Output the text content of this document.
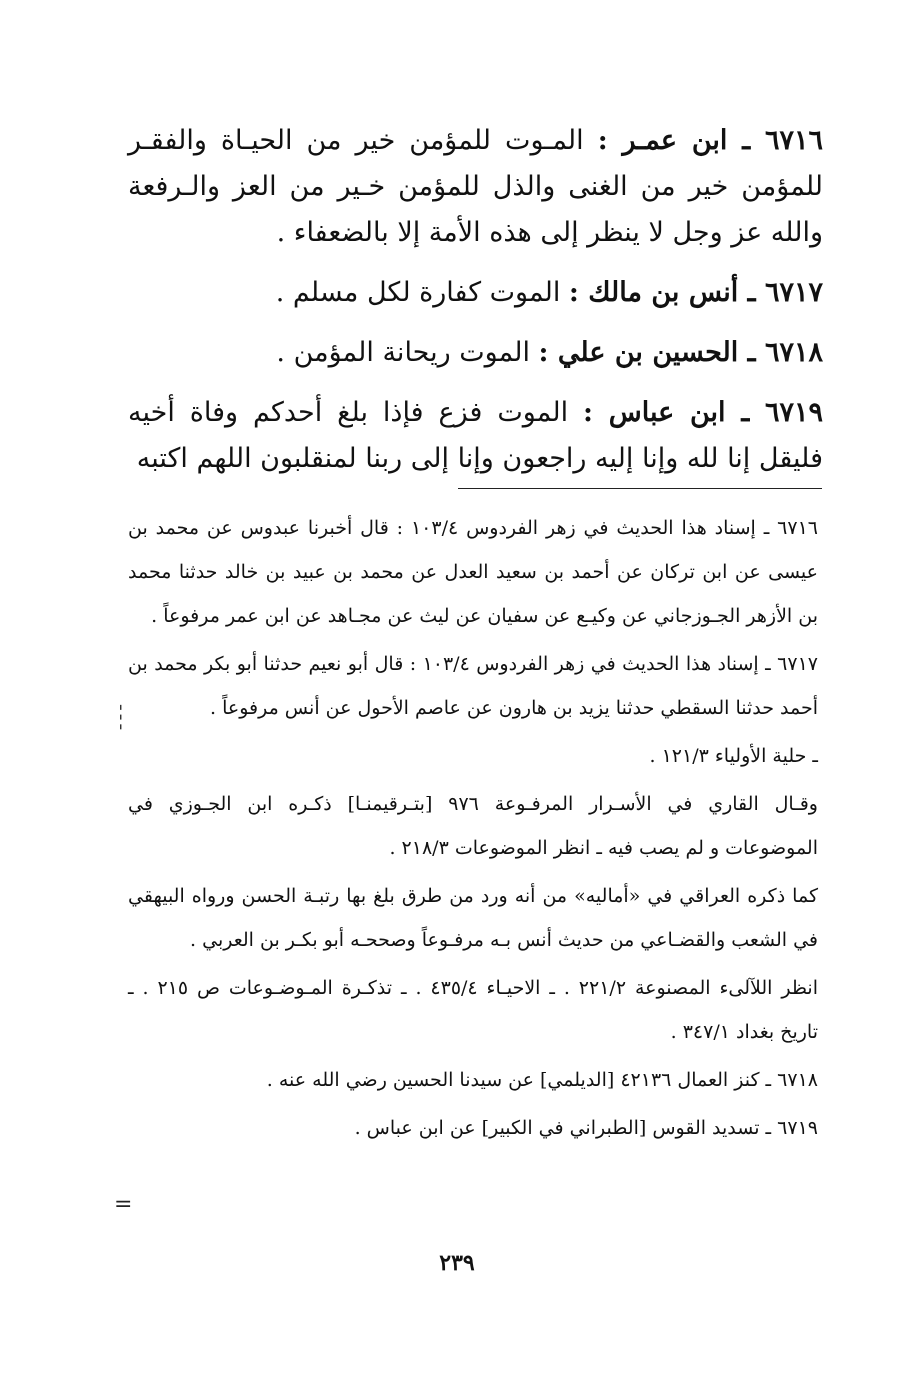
٦٧١٦ ـ ابن عمـر : المـوت للمؤمن خير من الحيـاة والفقـر للمؤمن خير من الغنى والذل للمؤمن خـير من العز والـرفعة والله عز وجل لا ينظر إلى هذه الأمة إلا بالضعفاء .

٦٧١٧ ـ أنس بن مالك : الموت كفارة لكل مسلم .

٦٧١٨ ـ الحسين بن علي : الموت ريحانة المؤمن .

٦٧١٩ ـ ابن عباس : الموت فزع فإذا بلغ أحدكم وفاة أخيه فليقل إنا لله وإنا إليه راجعون وإنا إلى ربنا لمنقلبون اللهم اكتبه

٦٧١٦ ـ إسناد هذا الحديث في زهر الفردوس ١٠٣/٤ : قال أخبرنا عبدوس عن محمد بن عيسى عن ابن تركان عن أحمد بن سعيد العدل عن محمد بن عبيد بن خالد حدثنا محمد بن الأزهر الجـوزجاني عن وكيـع عن سفيان عن ليث عن مجـاهد عن ابن عمر مرفوعاً .

٦٧١٧ ـ إسناد هذا الحديث في زهر الفردوس ١٠٣/٤ : قال أبو نعيم حدثنا أبو بكر محمد بن أحمد حدثنا السقطي حدثنا يزيد بن هارون عن عاصم الأحول عن أنس مرفوعاً .

ـ حلية الأولياء ١٢١/٣ .

وقـال القاري في الأسـرار المرفـوعة ٩٧٦ [بتـرقيمنـا] ذكـره ابن الجـوزي في الموضوعات و لم يصب فيه ـ انظر الموضوعات ٢١٨/٣ .

كما ذكره العراقي في «أماليه» من أنه ورد من طرق بلغ بها رتبـة الحسن ورواه البيهقي في الشعب والقضـاعي من حديث أنس بـه مرفـوعاً وصححـه أبو بكـر بن العربي .

انظر اللآلىء المصنوعة ٢٢١/٢ . ـ الاحيـاء ٤٣٥/٤ . ـ تذكـرة المـوضـوعات ص ٢١٥ . ـ تاريخ بغداد ٣٤٧/١ .

٦٧١٨ ـ كنز العمال ٤٢١٣٦ [الديلمي] عن سيدنا الحسين رضي الله عنه .

٦٧١٩ ـ تسديد القوس [الطبراني في الكبير] عن ابن عباس .

ـ ـ ـ
=
٢٣٩
